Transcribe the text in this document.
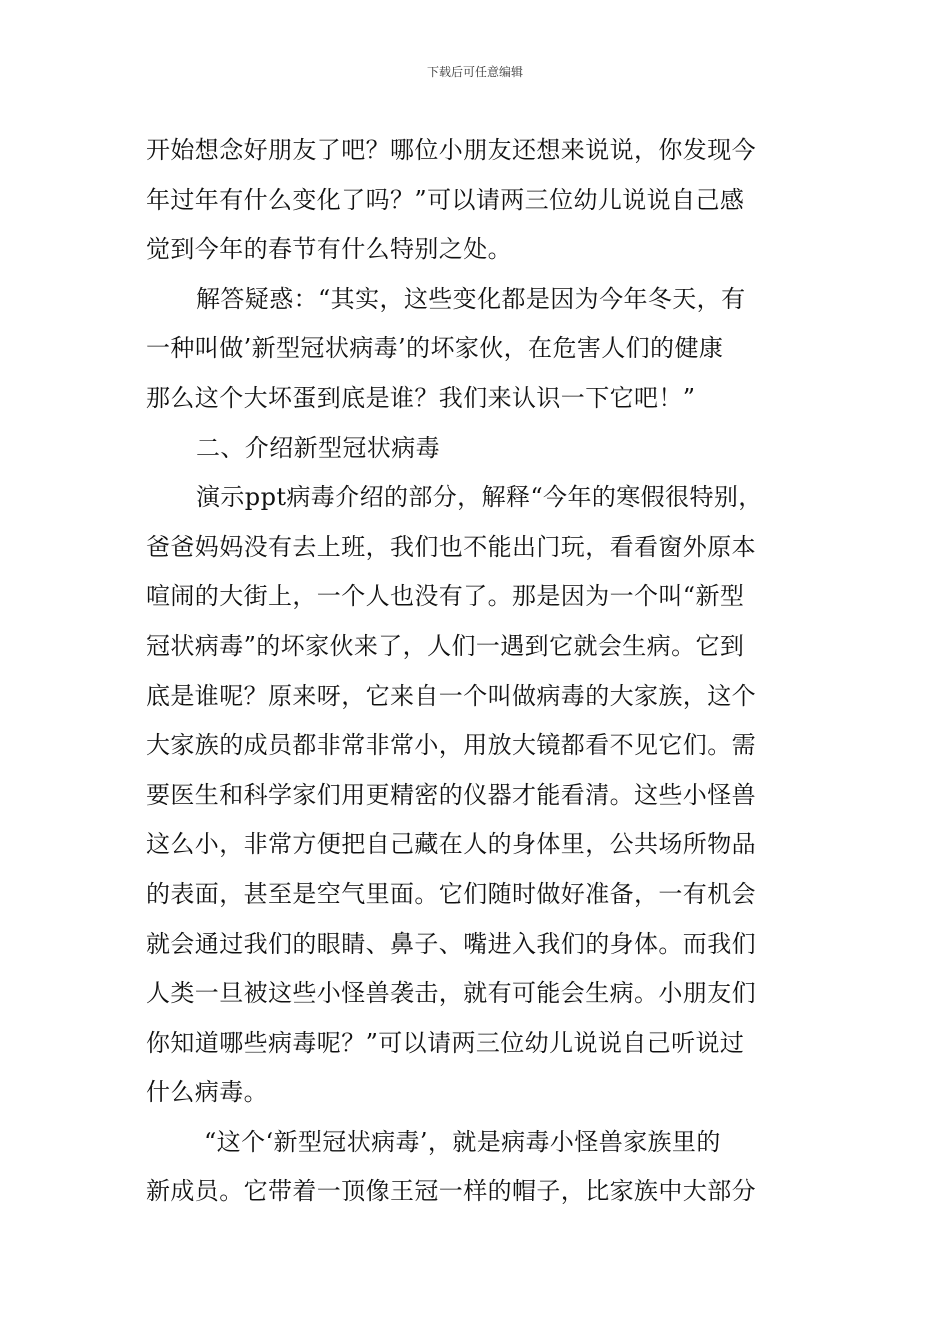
下载后可任意编辑
开始想念好朋友了吧？哪位小朋友还想来说说，你发现今
年过年有什么变化了吗？”可以请两三位幼儿说说自己感
觉到今年的春节有什么特别之处。
解答疑惑：“其实，这些变化都是因为今年冬天，有
一种叫做’新型冠状病毒’的坏家伙，在危害人们的健康
那么这个大坏蛋到底是谁？我们来认识一下它吧！”
二、介绍新型冠状病毒
演示ppt病毒介绍的部分，解释“今年的寒假很特别，
爸爸妈妈没有去上班，我们也不能出门玩，看看窗外原本
喧闹的大街上，一个人也没有了。那是因为一个叫“新型
冠状病毒”的坏家伙来了，人们一遇到它就会生病。它到
底是谁呢？原来呀，它来自一个叫做病毒的大家族，这个
大家族的成员都非常非常小，用放大镜都看不见它们。需
要医生和科学家们用更精密的仪器才能看清。这些小怪兽
这么小，非常方便把自己藏在人的身体里，公共场所物品
的表面，甚至是空气里面。它们随时做好准备，一有机会
就会通过我们的眼睛、鼻子、嘴进入我们的身体。而我们
人类一旦被这些小怪兽袭击，就有可能会生病。小朋友们
你知道哪些病毒呢？”可以请两三位幼儿说说自己听说过
什么病毒。
“这个‘新型冠状病毒’，就是病毒小怪兽家族里的
新成员。它带着一顶像王冠一样的帽子，比家族中大部分
